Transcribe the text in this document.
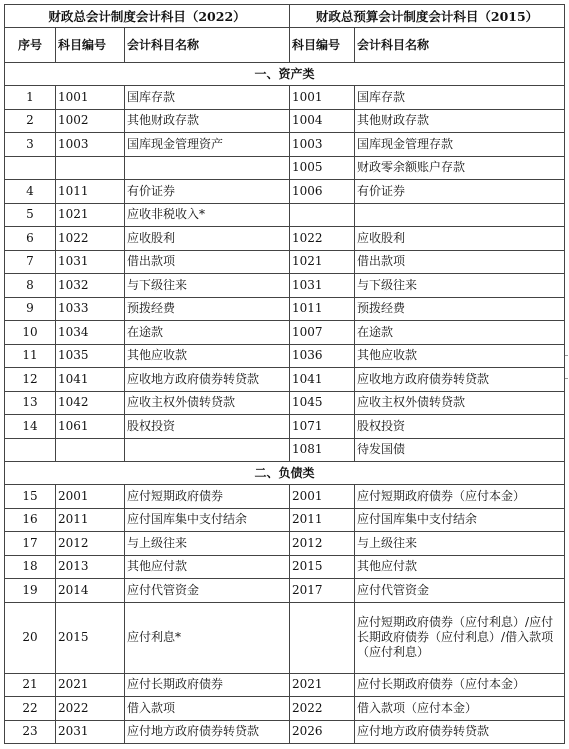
财政总会计制度会计科目（2022）			财政总预算会计制度会计科目（2015）	
序号	科目编号	会计科目名称	科目编号	会计科目名称
一、资产类				
1	1001	国库存款	1001	国库存款
2	1002	其他财政存款	1004	其他财政存款
3	1003	国库现金管理资产	1003	国库现金管理存款
			1005	财政零余额账户存款
4	1011	有价证券	1006	有价证券
5	1021	应收非税收入*		
6	1022	应收股利	1022	应收股利
7	1031	借出款项	1021	借出款项
8	1032	与下级往来	1031	与下级往来
9	1033	预拨经费	1011	预拨经费
10	1034	在途款	1007	在途款
11	1035	其他应收款	1036	其他应收款
12	1041	应收地方政府债券转贷款	1041	应收地方政府债券转贷款
13	1042	应收主权外债转贷款	1045	应收主权外债转贷款
14	1061	股权投资	1071	股权投资
			1081	待发国债
二、负债类				
15	2001	应付短期政府债券	2001	应付短期政府债券（应付本金）
16	2011	应付国库集中支付结余	2011	应付国库集中支付结余
17	2012	与上级往来	2012	与上级往来
18	2013	其他应付款	2015	其他应付款
19	2014	应付代管资金	2017	应付代管资金
20	2015	应付利息*		应付短期政府债券（应付利息）/应付长期政府债券（应付利息）/借入款项（应付利息）
21	2021	应付长期政府债券	2021	应付长期政府债券（应付本金）
22	2022	借入款项	2022	借入款项（应付本金）
23	2031	应付地方政府债券转贷款	2026	应付地方政府债券转贷款
